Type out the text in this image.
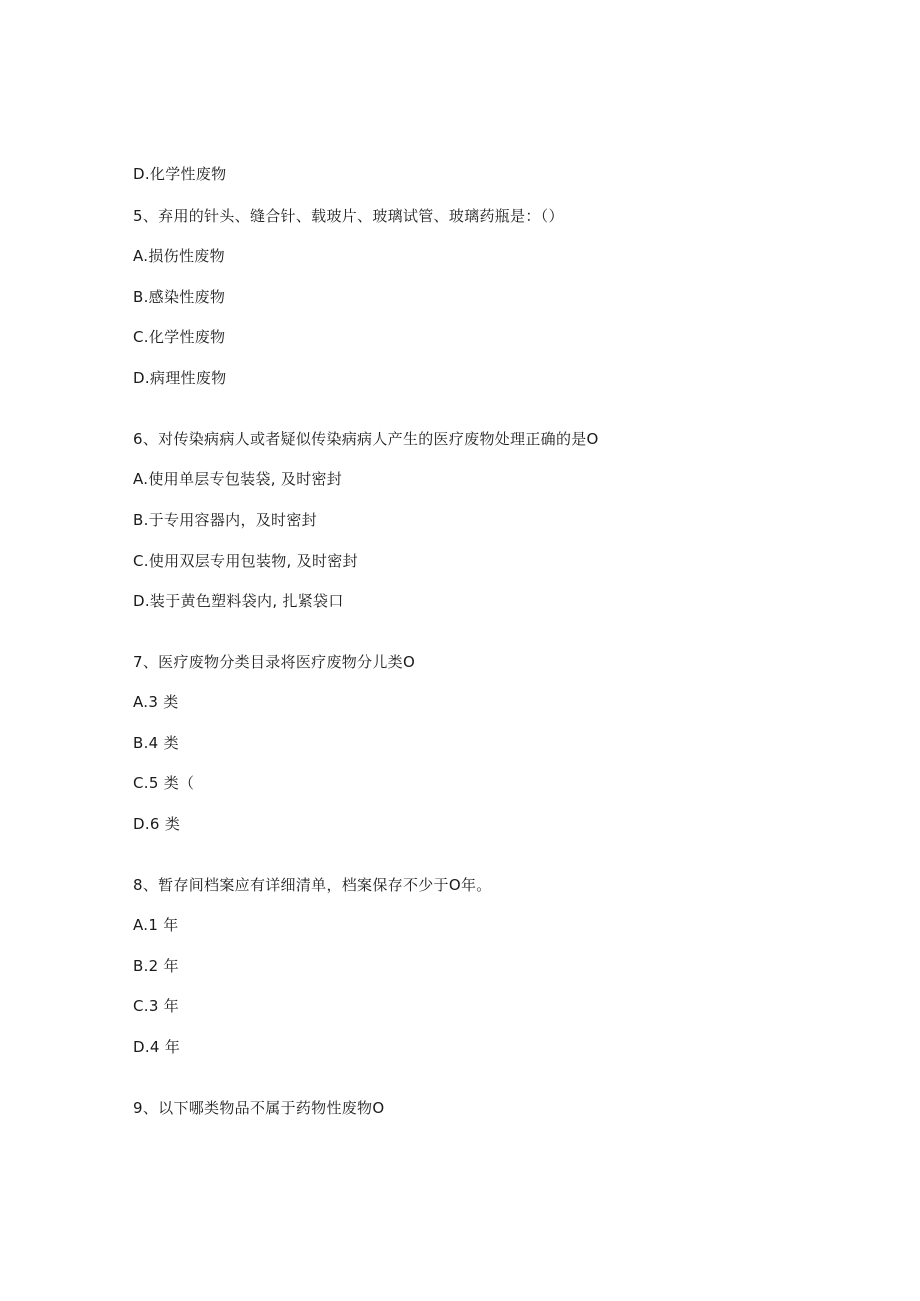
D.化学性废物
5、弃用的针头、缝合针、载玻片、玻璃试管、玻璃药瓶是：（）
A.损伤性废物
B.感染性废物
C.化学性废物
D.病理性废物
6、对传染病病人或者疑似传染病病人产生的医疗废物处理正确的是O
A.使用单层专包装袋, 及时密封
B.于专用容器内，及时密封
C.使用双层专用包装物, 及时密封
D.装于黄色塑料袋内, 扎紧袋口
7、医疗废物分类目录将医疗废物分儿类O
A.3 类
B.4 类
C.5 类（
D.6 类
8、暂存间档案应有详细清单，档案保存不少于O年。
A.1 年
B.2 年
C.3 年
D.4 年
9、以下哪类物品不属于药物性废物O
